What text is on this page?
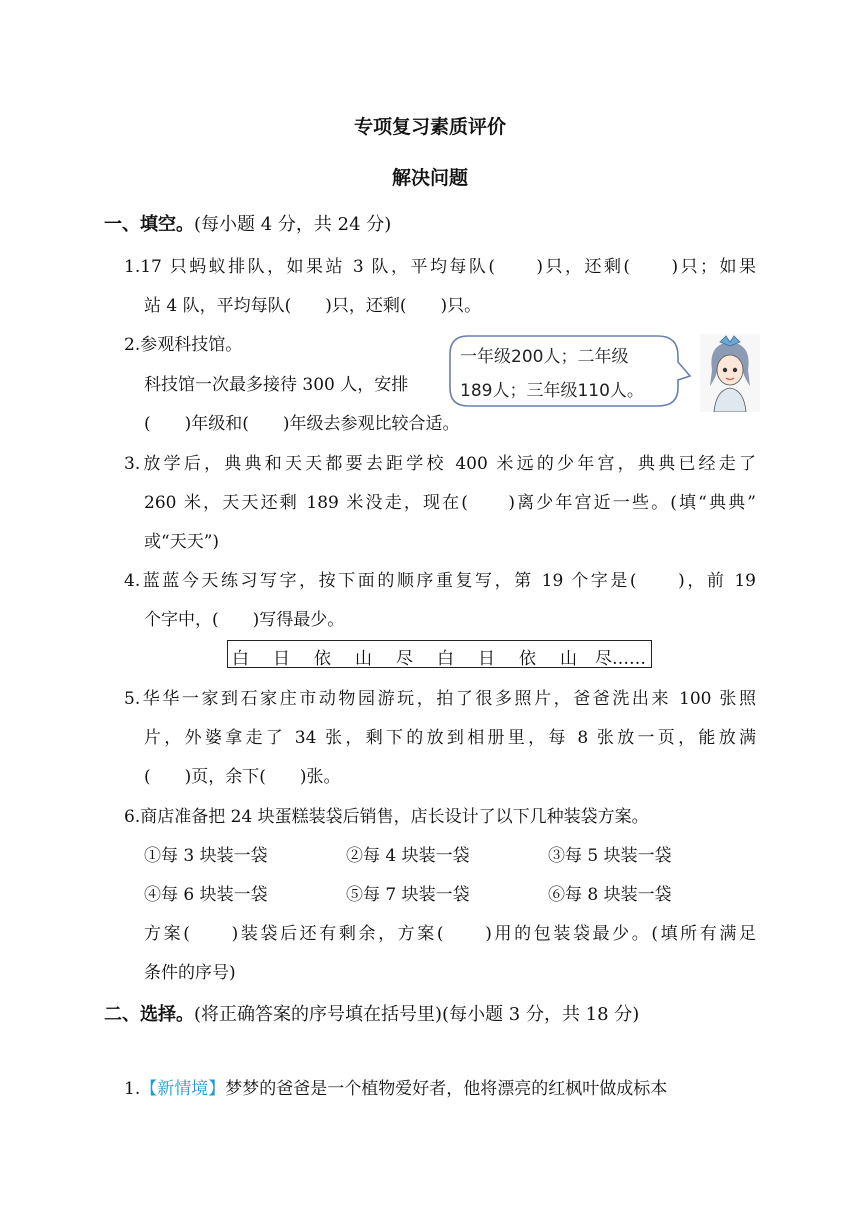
专项复习素质评价
解决问题
一、填空。(每小题 4 分，共 24 分)
1.17 只蚂蚁排队，如果站 3 队，平均每队(　　)只，还剩(　　)只；如果
站 4 队，平均每队(　　)只，还剩(　　)只。
2.参观科技馆。
科技馆一次最多接待 300 人，安排
(　　)年级和(　　)年级去参观比较合适。
一年级200人；二年级
189人；三年级110人。
3.放学后，典典和天天都要去距学校 400 米远的少年宫，典典已经走了
260 米，天天还剩 189 米没走，现在(　　)离少年宫近一些。(填“典典”
或“天天”)
4.蓝蓝今天练习写字，按下面的顺序重复写，第 19 个字是(　　)，前 19
个字中，(　　)写得最少。
白 日 依 山 尽 白 日 依 山 尽……
5.华华一家到石家庄市动物园游玩，拍了很多照片，爸爸洗出来 100 张照
片，外婆拿走了 34 张，剩下的放到相册里，每 8 张放一页，能放满
(　　)页，余下(　　)张。
6.商店准备把 24 块蛋糕装袋后销售，店长设计了以下几种装袋方案。
①每 3 块装一袋	②每 4 块装一袋	③每 5 块装一袋
④每 6 块装一袋	⑤每 7 块装一袋	⑥每 8 块装一袋
方案(　　)装袋后还有剩余，方案(　　)用的包装袋最少。(填所有满足
条件的序号)
二、选择。(将正确答案的序号填在括号里)(每小题 3 分，共 18 分)
1.【新情境】梦梦的爸爸是一个植物爱好者，他将漂亮的红枫叶做成标本
